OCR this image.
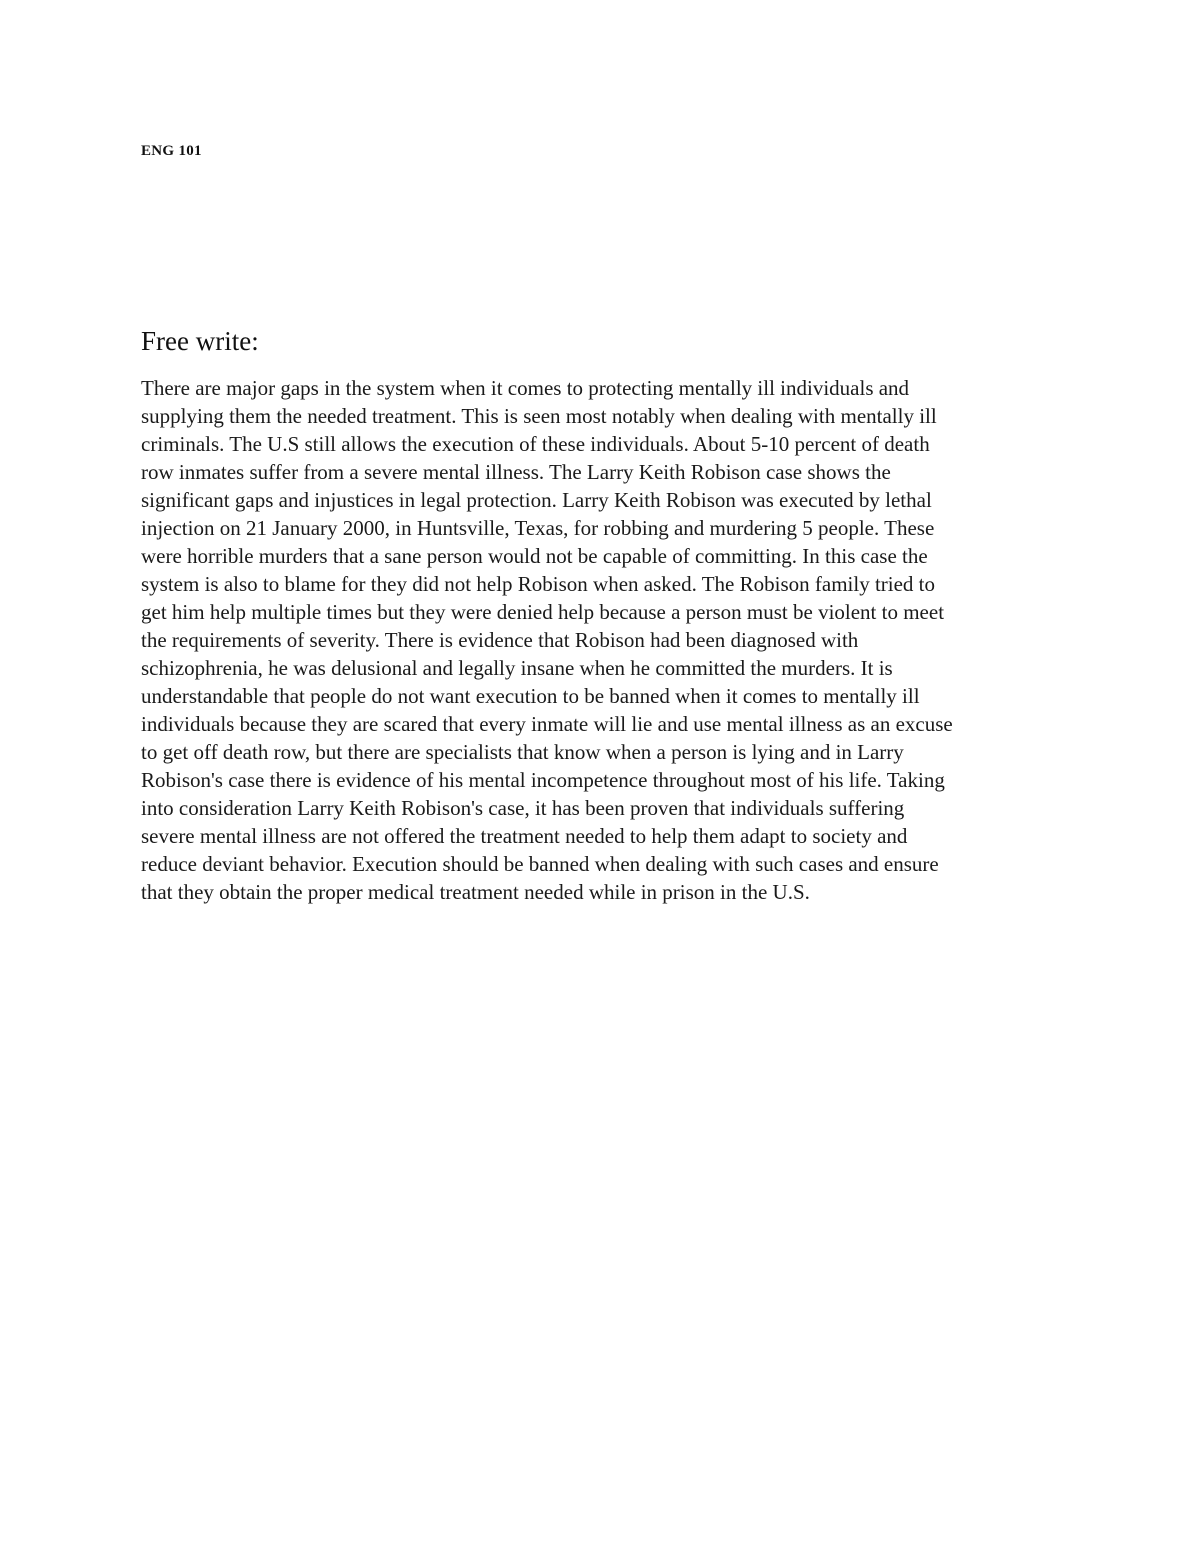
ENG 101

Free write:
There are major gaps in the system when it comes to protecting mentally ill individuals and
supplying them the needed treatment. This is seen most notably when dealing with mentally ill
criminals. The U.S still allows the execution of these individuals. About 5-10 percent of death
row inmates suffer from a severe mental illness. The Larry Keith Robison case shows the
significant gaps and injustices in legal protection. Larry Keith Robison was executed by lethal
injection on 21 January 2000, in Huntsville, Texas, for robbing and murdering 5 people. These
were horrible murders that a sane person would not be capable of committing. In this case the
system is also to blame for they did not help Robison when asked. The Robison family tried to
get him help multiple times but they were denied help because a person must be violent to meet
the requirements of severity. There is evidence that Robison had been diagnosed with
schizophrenia, he was delusional and legally insane when he committed the murders. It is
understandable that people do not want execution to be banned when it comes to mentally ill
individuals because they are scared that every inmate will lie and use mental illness as an excuse
to get off death row, but there are specialists that know when a person is lying and in Larry
Robison's case there is evidence of his mental incompetence throughout most of his life. Taking
into consideration Larry Keith Robison's case, it has been proven that individuals suffering
severe mental illness are not offered the treatment needed to help them adapt to society and
reduce deviant behavior. Execution should be banned when dealing with such cases and ensure
that they obtain the proper medical treatment needed while in prison in the U.S.
